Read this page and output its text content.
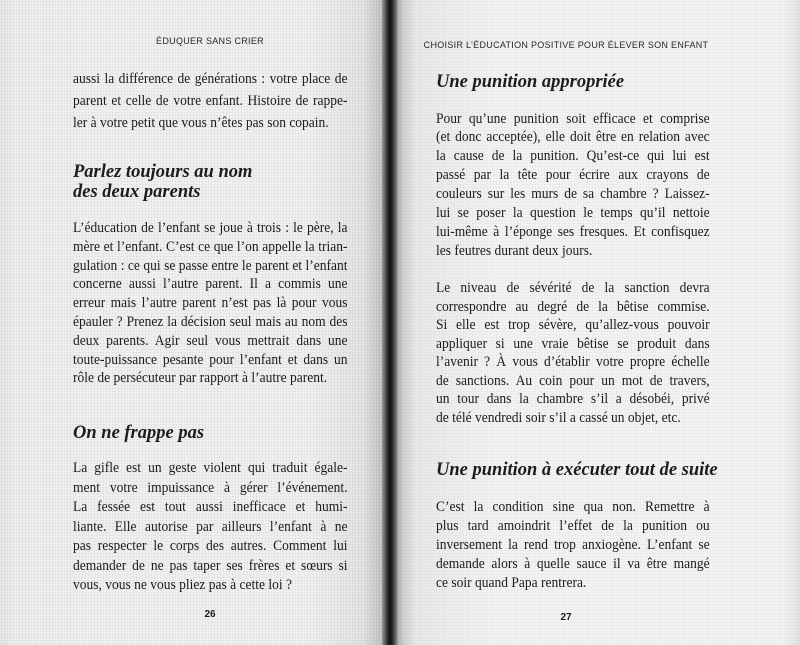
ÉDUQUER SANS CRIER
aussi la différence de générations : votre place de
parent et celle de votre enfant. Histoire de rappe-
ler à votre petit que vous n’êtes pas son copain.
Parlez toujours au nom
des deux parents
L’éducation de l’enfant se joue à trois : le père, la
mère et l’enfant. C’est ce que l’on appelle la trian-
gulation : ce qui se passe entre le parent et l’enfant
concerne aussi l’autre parent. Il a commis une
erreur mais l’autre parent n’est pas là pour vous
épauler ? Prenez la décision seul mais au nom des
deux parents. Agir seul vous mettrait dans une
toute-puissance pesante pour l’enfant et dans un
rôle de persécuteur par rapport à l’autre parent.
On ne frappe pas
La gifle est un geste violent qui traduit égale-
ment votre impuissance à gérer l’événement.
La fessée est tout aussi inefficace et humi-
liante. Elle autorise par ailleurs l’enfant à ne
pas respecter le corps des autres. Comment lui
demander de ne pas taper ses frères et sœurs si
vous, vous ne vous pliez pas à cette loi ?
26
CHOISIR L’ÉDUCATION POSITIVE POUR ÉLEVER SON ENFANT
Une punition appropriée
Pour qu’une punition soit efficace et comprise
(et donc acceptée), elle doit être en relation avec
la cause de la punition. Qu’est-ce qui lui est
passé par la tête pour écrire aux crayons de
couleurs sur les murs de sa chambre ? Laissez-
lui se poser la question le temps qu’il nettoie
lui-même à l’éponge ses fresques. Et confisquez
les feutres durant deux jours.
Le niveau de sévérité de la sanction devra
correspondre au degré de la bêtise commise.
Si elle est trop sévère, qu’allez-vous pouvoir
appliquer si une vraie bêtise se produit dans
l’avenir ? À vous d’établir votre propre échelle
de sanctions. Au coin pour un mot de travers,
un tour dans la chambre s’il a désobéi, privé
de télé vendredi soir s’il a cassé un objet, etc.
Une punition à exécuter tout de suite
C’est la condition sine qua non. Remettre à
plus tard amoindrit l’effet de la punition ou
inversement la rend trop anxiogène. L’enfant se
demande alors à quelle sauce il va être mangé
ce soir quand Papa rentrera.
27
